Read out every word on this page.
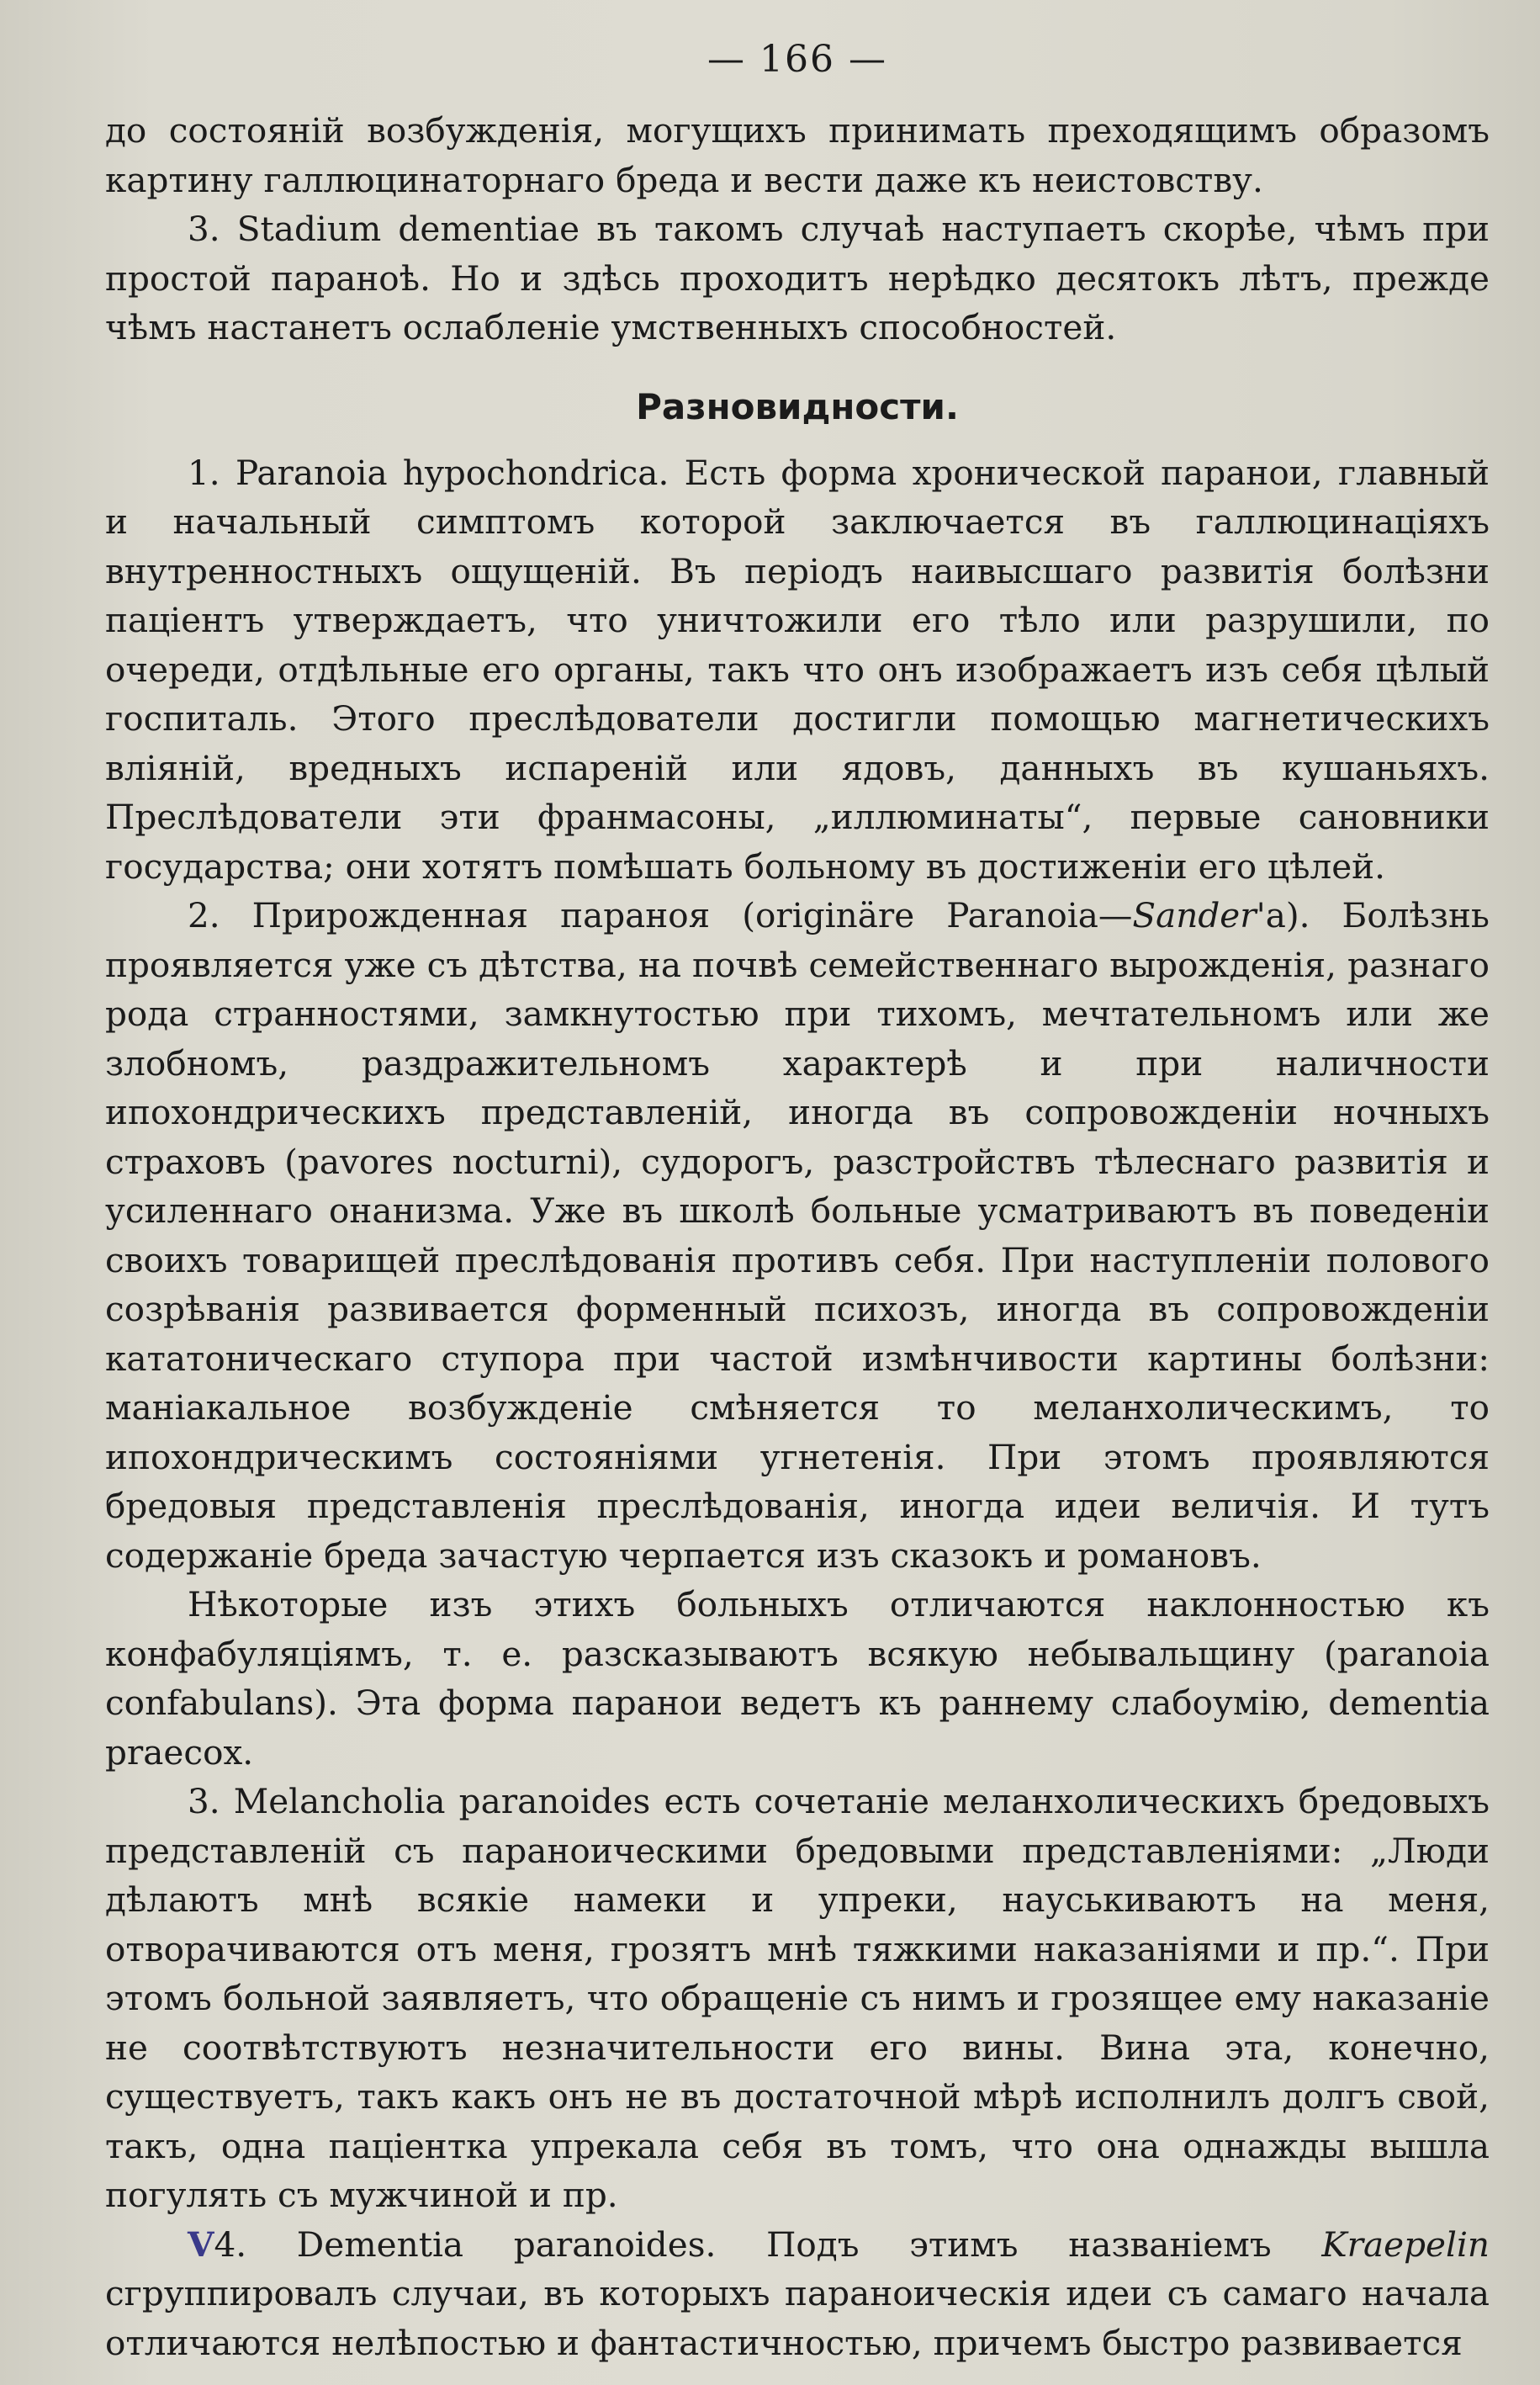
— 166 —

до состояній возбужденія, могущихъ принимать преходящимъ образомъ картину галлюцинаторнаго бреда и вести даже къ неистовству.

3. Stadium dementiae въ такомъ случаѣ наступаетъ скорѣе, чѣмъ при простой паранoѣ. Но и здѣсь проходитъ нерѣдко десятокъ лѣтъ, прежде чѣмъ настанетъ ослабленіе умственныхъ способностей.

Разновидности.

1. Paranoia hypochondrica. Есть форма хронической паранои, главный и начальный симптомъ которой заключается въ галлюцинаціяхъ внутренностныхъ ощущеній. Въ періодъ наивысшаго развитія болѣзни паціентъ утверждаетъ, что уничтожили его тѣло или разрушили, по очереди, отдѣльные его органы, такъ что онъ изображаетъ изъ себя цѣлый госпиталь. Этого преслѣдователи достигли помощью магнетическихъ вліяній, вредныхъ испареній или ядовъ, данныхъ въ кушаньяхъ. Преслѣдователи эти франмасоны, „иллюминаты“, первые сановники государства; они хотятъ помѣшать больному въ достиженіи его цѣлей.

2. Прирожденная параноя (originäre Paranoia—Sander'a). Болѣзнь проявляется уже съ дѣтства, на почвѣ семейственнаго вырожденія, разнаго рода странностями, замкнутостью при тихомъ, мечтательномъ или же злобномъ, раздражительномъ характерѣ и при наличности ипохондрическихъ представленій, иногда въ сопровожденіи ночныхъ страховъ (pavores nocturni), судорогъ, разстройствъ тѣлеснаго развитія и усиленнаго онанизма. Уже въ школѣ больные усматриваютъ въ поведеніи своихъ товарищей преслѣдованія противъ себя. При наступленіи полового созрѣванія развивается форменный психозъ, иногда въ сопровожденіи кататоническаго ступора при частой измѣнчивости картины болѣзни: маніакальное возбужденіе смѣняется то меланхолическимъ, то ипохондрическимъ состояніями угнетенія. При этомъ проявляются бредовыя представленія преслѣдованія, иногда идеи величія. И тутъ содержаніе бреда зачастую черпается изъ сказокъ и романовъ.

Нѣкоторые изъ этихъ больныхъ отличаются наклонностью къ конфабуляціямъ, т. е. разсказываютъ всякую небывальщину (paranoia confabulans). Эта форма паранои ведетъ къ раннему слабоумію, dementia praecox.

3. Melancholia paranoides есть сочетаніе меланхолическихъ бредовыхъ представленій съ параноическими бредовыми представленіями: „Люди дѣлаютъ мнѣ всякіе намеки и упреки, науськиваютъ на меня, отворачиваются отъ меня, грозятъ мнѣ тяжкими наказаніями и пр.“. При этомъ больной заявляетъ, что обращеніе съ нимъ и грозящее ему наказаніе не соотвѣтствуютъ незначительности его вины. Вина эта, конечно, существуетъ, такъ какъ онъ не въ достаточной мѣрѣ исполнилъ долгъ свой, такъ, одна паціентка упрекала себя въ томъ, что она однажды вышла погулять съ мужчиной и пр.

V4. Dementia paranoides. Подъ этимъ названіемъ Kraepelin сгруппировалъ случаи, въ которыхъ параноическія идеи съ самаго начала отличаются нелѣпостью и фантастичностью, причемъ быстро развивается
